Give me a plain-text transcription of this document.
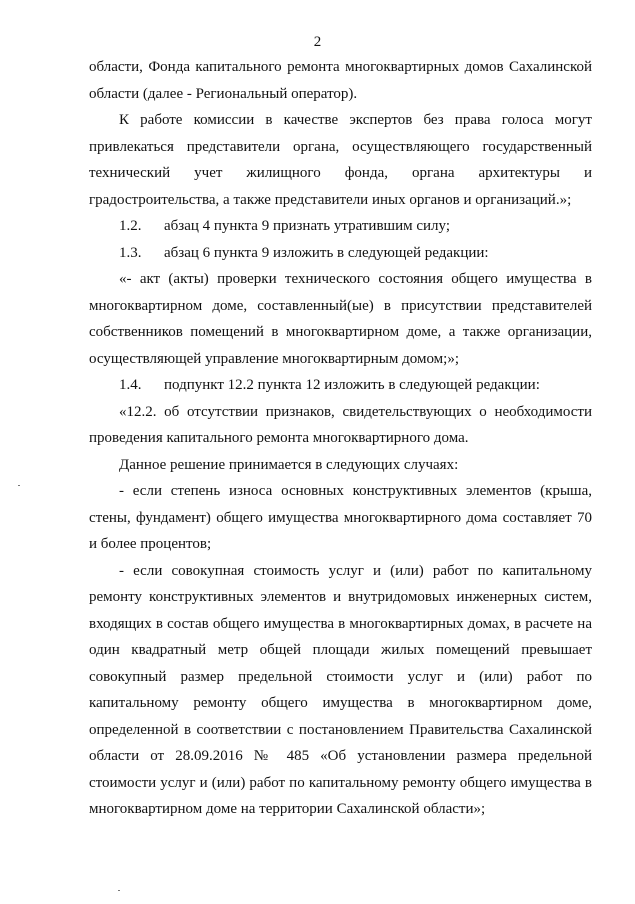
2

области, Фонда капитального ремонта многоквартирных домов Сахалинской

области (далее - Региональный оператор).

К работе комиссии в качестве экспертов без права голоса могут

привлекаться представители органа, осуществляющего государственный

технический учет жилищного фонда, органа архитектуры и

градостроительства, а также представители иных органов и организаций.»;

1.2. абзац 4 пункта 9 признать утратившим силу;

1.3. абзац 6 пункта 9 изложить в следующей редакции:

«- акт (акты) проверки технического состояния общего имущества в

многоквартирном доме, составленный(ые) в присутствии представителей

собственников помещений в многоквартирном доме, а также организации,

осуществляющей управление многоквартирным домом;»;

1.4. подпункт 12.2 пункта 12 изложить в следующей редакции:

«12.2. об отсутствии признаков, свидетельствующих о необходимости

проведения капитального ремонта многоквартирного дома.

Данное решение принимается в следующих случаях:

- если степень износа основных конструктивных элементов (крыша,

стены, фундамент) общего имущества многоквартирного дома составляет 70

и более процентов;

- если совокупная стоимость услуг и (или) работ по капитальному

ремонту конструктивных элементов и внутридомовых инженерных систем,

входящих в состав общего имущества в многоквартирных домах, в расчете на

один квадратный метр общей площади жилых помещений превышает

совокупный размер предельной стоимости услуг и (или) работ по

капитальному ремонту общего имущества в многоквартирном доме,

определенной в соответствии с постановлением Правительства Сахалинской

области от 28.09.2016 № 485 «Об установлении размера предельной

стоимости услуг и (или) работ по капитальному ремонту общего имущества в

многоквартирном доме на территории Сахалинской области»;
